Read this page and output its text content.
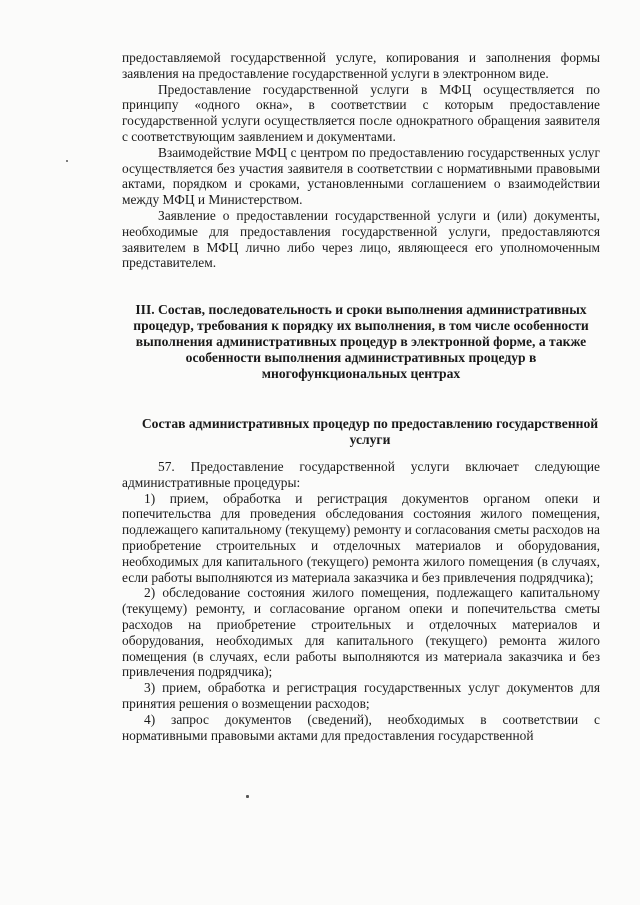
предоставляемой государственной услуге, копирования и заполнения формы заявления на предоставление государственной услуги в электронном виде.

Предоставление государственной услуги в МФЦ осуществляется по принципу «одного окна», в соответствии с которым предоставление государственной услуги осуществляется после однократного обращения заявителя с соответствующим заявлением и документами.

Взаимодействие МФЦ с центром по предоставлению государственных услуг осуществляется без участия заявителя в соответствии с нормативными правовыми актами, порядком и сроками, установленными соглашением о взаимодействии между МФЦ и Министерством.

Заявление о предоставлении государственной услуги и (или) документы, необходимые для предоставления государственной услуги, предоставляются заявителем в МФЦ лично либо через лицо, являющееся его уполномоченным представителем.

III. Состав, последовательность и сроки выполнения административных процедур, требования к порядку их выполнения, в том числе особенности выполнения административных процедур в электронной форме, а также особенности выполнения административных процедур в многофункциональных центрах
Состав административных процедур по предоставлению государственной услуги

57. Предоставление государственной услуги включает следующие административные процедуры:

1) прием, обработка и регистрация документов органом опеки и попечительства для проведения обследования состояния жилого помещения, подлежащего капитальному (текущему) ремонту и согласования сметы расходов на приобретение строительных и отделочных материалов и оборудования, необходимых для капитального (текущего) ремонта жилого помещения (в случаях, если работы выполняются из материала заказчика и без привлечения подрядчика);

2) обследование состояния жилого помещения, подлежащего капитальному (текущему) ремонту, и согласование органом опеки и попечительства сметы расходов на приобретение строительных и отделочных материалов и оборудования, необходимых для капитального (текущего) ремонта жилого помещения (в случаях, если работы выполняются из материала заказчика и без привлечения подрядчика);

3) прием, обработка и регистрация государственных услуг документов для принятия решения о возмещении расходов;

4) запрос документов (сведений), необходимых в соответствии с нормативными правовыми актами для предоставления государственной
